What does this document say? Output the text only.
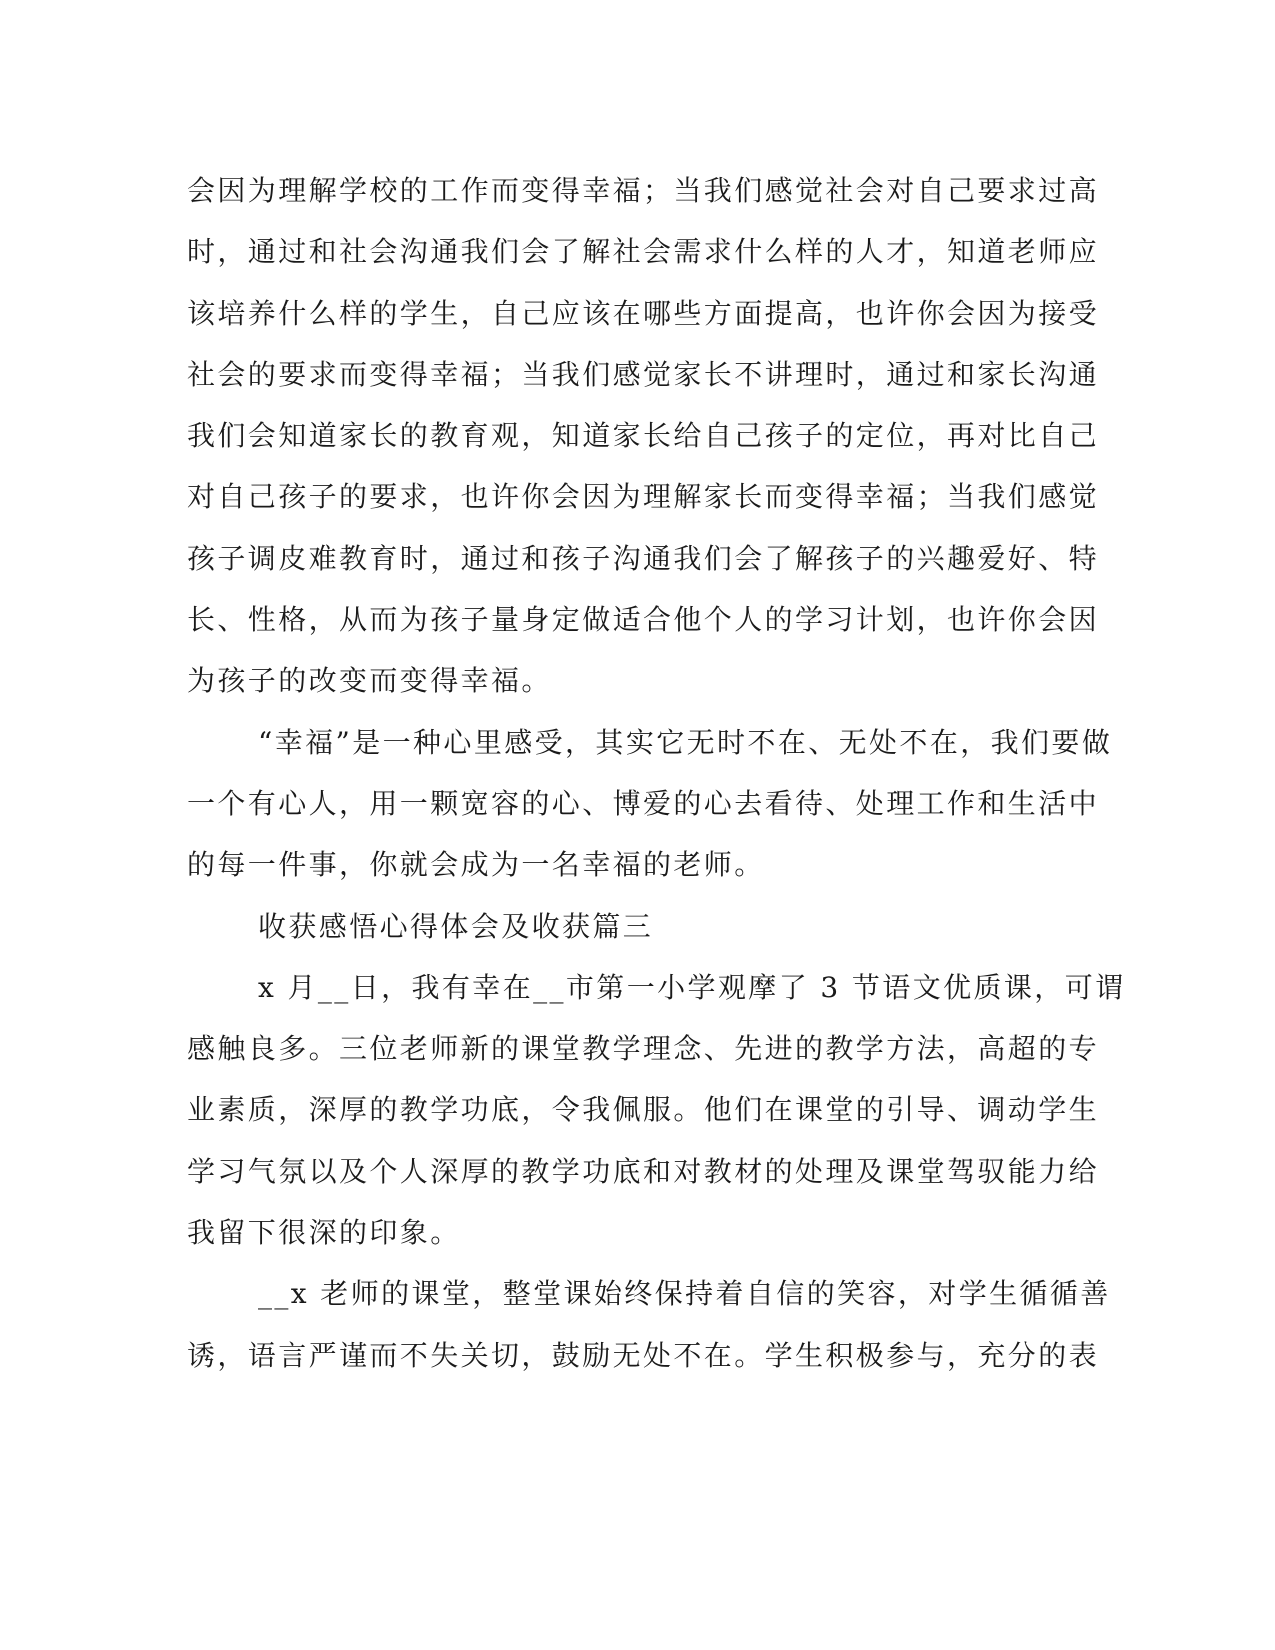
会因为理解学校的工作而变得幸福；当我们感觉社会对自己要求过高
时，通过和社会沟通我们会了解社会需求什么样的人才，知道老师应
该培养什么样的学生，自己应该在哪些方面提高，也许你会因为接受
社会的要求而变得幸福；当我们感觉家长不讲理时，通过和家长沟通
我们会知道家长的教育观，知道家长给自己孩子的定位，再对比自己
对自己孩子的要求，也许你会因为理解家长而变得幸福；当我们感觉
孩子调皮难教育时，通过和孩子沟通我们会了解孩子的兴趣爱好、特
长、性格，从而为孩子量身定做适合他个人的学习计划，也许你会因
为孩子的改变而变得幸福。
“幸福”是一种心里感受，其实它无时不在、无处不在，我们要做
一个有心人，用一颗宽容的心、博爱的心去看待、处理工作和生活中
的每一件事，你就会成为一名幸福的老师。
收获感悟心得体会及收获篇三
x 月__日，我有幸在__市第一小学观摩了 3 节语文优质课，可谓
感触良多。三位老师新的课堂教学理念、先进的教学方法，高超的专
业素质，深厚的教学功底，令我佩服。他们在课堂的引导、调动学生
学习气氛以及个人深厚的教学功底和对教材的处理及课堂驾驭能力给
我留下很深的印象。
__x 老师的课堂，整堂课始终保持着自信的笑容，对学生循循善
诱，语言严谨而不失关切，鼓励无处不在。学生积极参与，充分的表
